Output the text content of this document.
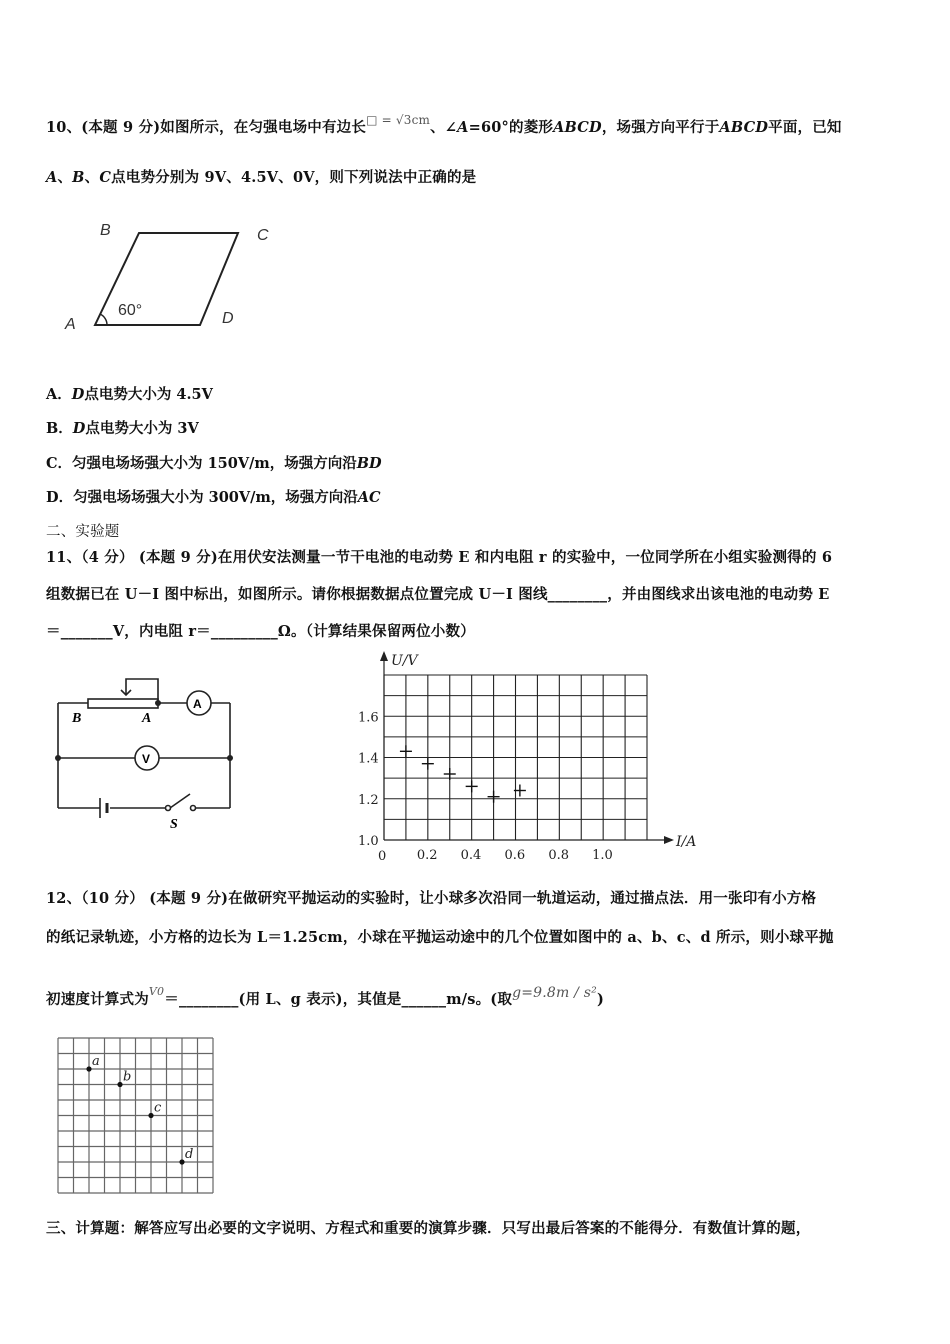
10、(本题 9 分)如图所示，在匀强电场中有边长$^{□ = √3cm}$、∠A=60°的菱形ABCD，场强方向平行于ABCD平面，已知
A、B、C点电势分别为 9V、4.5V、0V，则下列说法中正确的是
B	C
A	D
60°
A．D点电势大小为 4.5V
B．D点电势大小为 3V
C．匀强电场场强大小为 150V/m，场强方向沿BD
D．匀强电场场强大小为 300V/m，场强方向沿AC
二、实验题
11、（4 分） (本题 9 分)在用伏安法测量一节干电池的电动势 E 和内电阻 r 的实验中，一位同学所在小组实验测得的 6
组数据已在 U－I 图中标出，如图所示。请你根据数据点位置完成 U－I 图线________，并由图线求出该电池的电动势 E
＝_______V，内电阻 r＝_________Ω。（计算结果保留两位小数）
B	A
A
V
S
1.0
1.2
1.4
1.6
0.2 0.4 0.6 0.8 1.0
0
U/V
I/A
12、（10 分） (本题 9 分)在做研究平抛运动的实验时，让小球多次沿同一轨道运动，通过描点法．用一张印有小方格
的纸记录轨迹，小方格的边长为 L＝1.25cm，小球在平抛运动途中的几个位置如图中的 a、b、c、d 所示，则小球平抛
初速度计算式为$^{V0}$＝________(用 L、g 表示)，其值是______m/s。(取g=9.8m / s²)
a
b
c
d
三、计算题：解答应写出必要的文字说明、方程式和重要的演算步骤．只写出最后答案的不能得分．有数值计算的题，
